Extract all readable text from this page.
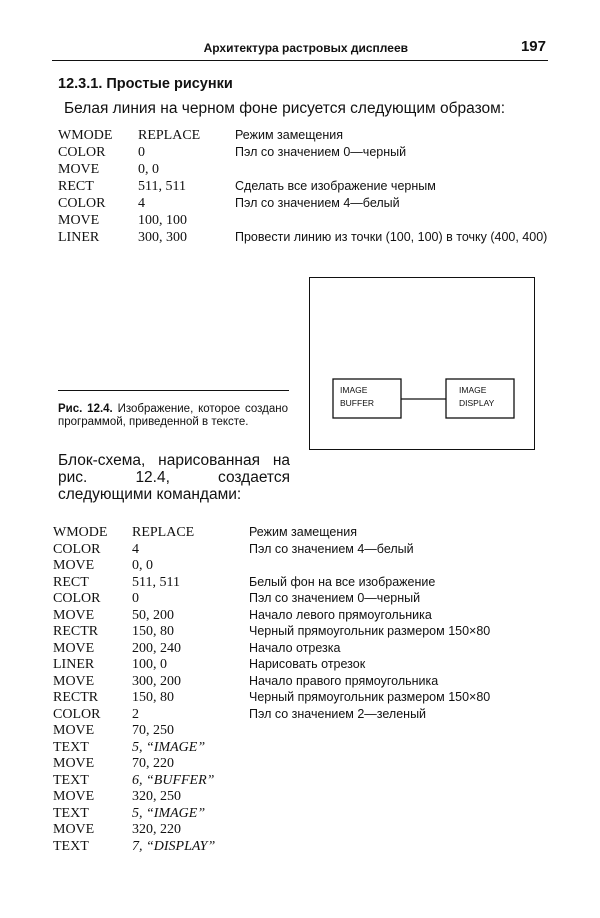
Архитектура растровых дисплеев	197
12.3.1. Простые рисунки
Белая линия на черном фоне рисуется следующим образом:
WMODE REPLACE	Режим замещения
COLOR 0	Пэл со значением 0—черный
MOVE	0, 0
RECT	511, 511	Сделать все изображение черным
COLOR 4	Пэл со значением 4—белый
MOVE	100, 100
LINER	300, 300	Провести линию из точки (100, 100) в точку (400, 400)
IMAGE
BUFFER
IMAGE
DISPLAY
Рис. 12.4. Изображение, которое создано программой, приведенной в тексте.
Блок-схема, нарисованная на рис. 12.4, создается следующими командами:
WMODE REPLACE	Режим замещения
COLOR 4	Пэл со значением 4—белый
MOVE	0, 0
RECT	511, 511	Белый фон на все изображение
COLOR 0	Пэл со значением 0—черный
MOVE	50, 200	Начало левого прямоугольника
RECTR 150, 80	Черный прямоугольник размером 150×80
MOVE	200, 240	Начало отрезка
LINER	100, 0	Нарисовать отрезок
MOVE	300, 200	Начало правого прямоугольника
RECTR 150, 80	Черный прямоугольник размером 150×80
COLOR 2	Пэл со значением 2—зеленый
MOVE	70, 250
TEXT	5, “IMAGE”
MOVE	70, 220
TEXT	6, “BUFFER”
MOVE	320, 250
TEXT	5, “IMAGE”
MOVE	320, 220
TEXT	7, “DISPLAY”
